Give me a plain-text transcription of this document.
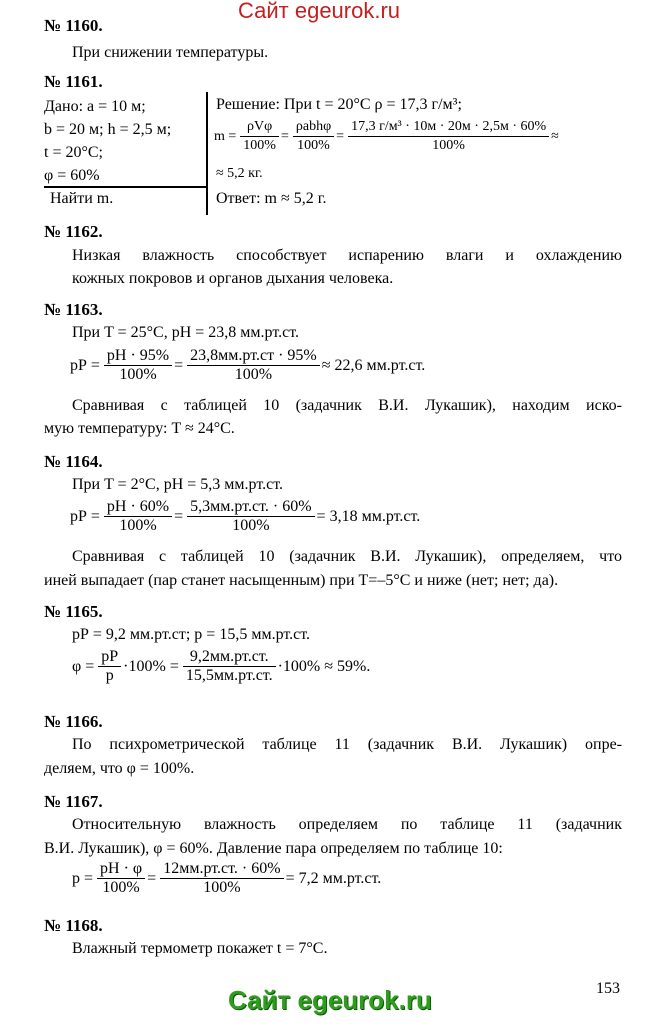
Сайт egeurok.ru
№ 1160.
При снижении температуры.
№ 1161.
Дано: a = 10 м;
b = 20 м; h = 2,5 м;
t = 20°C;
φ = 60%
Найти m.
Решение: При t = 20°C ρ = 17,3 г/м³;
$m = \frac{\text{ρVφ}}{100\%} = \frac{\text{ρabhφ}}{100\%} = \frac{\text{17,3 г/м³ · 10м · 20м · 2,5м · 60\%}}{100\%}$ ≈
≈ 5,2 кг.
Ответ: m ≈ 5,2 г.
№ 1162.
Низкая влажность способствует испарению влаги и охлаждению
кожных покровов и органов дыхания человека.
№ 1163.
При T = 25°C, pН = 23,8 мм.рт.ст.
pР = $\frac{pН \cdot 95\%}{100\%} = \frac{23,8мм.рт.ст \cdot 95\%}{100\%} \approx 22,6$ мм.рт.ст.
Сравнивая с таблицей 10 (задачник В.И. Лукашик), находим иско-
мую температуру: T ≈ 24°C.
№ 1164.
При T = 2°C, pН = 5,3 мм.рт.ст.
pР = $\frac{pН \cdot 60\%}{100\%} = \frac{5,3мм.рт.ст. \cdot 60\%}{100\%} = 3,18$ мм.рт.ст.
Сравнивая с таблицей 10 (задачник В.И. Лукашик), определяем, что
иней выпадает (пар станет насыщенным) при T=–5°C и ниже (нет; нет; да).
№ 1165.
pР = 9,2 мм.рт.ст; p = 15,5 мм.рт.ст.
$\varphi = \frac{pР}{p} \cdot 100\% = \frac{9,2мм.рт.ст.}{15,5мм.рт.ст.} \cdot 100\% \approx 59\%$.
№ 1166.
По психрометрической таблице 11 (задачник В.И. Лукашик) опре-
деляем, что φ = 100%.
№ 1167.
Относительную влажность определяем по таблице 11 (задачник
В.И. Лукашик), φ = 60%. Давление пара определяем по таблице 10:
$p = \frac{pН \cdot \varphi}{100\%} = \frac{12мм.рт.ст. \cdot 60\%}{100\%} = 7,2$ мм.рт.ст.
№ 1168.
Влажный термометр покажет t = 7°C.
153
Сайт egeurok.ru
